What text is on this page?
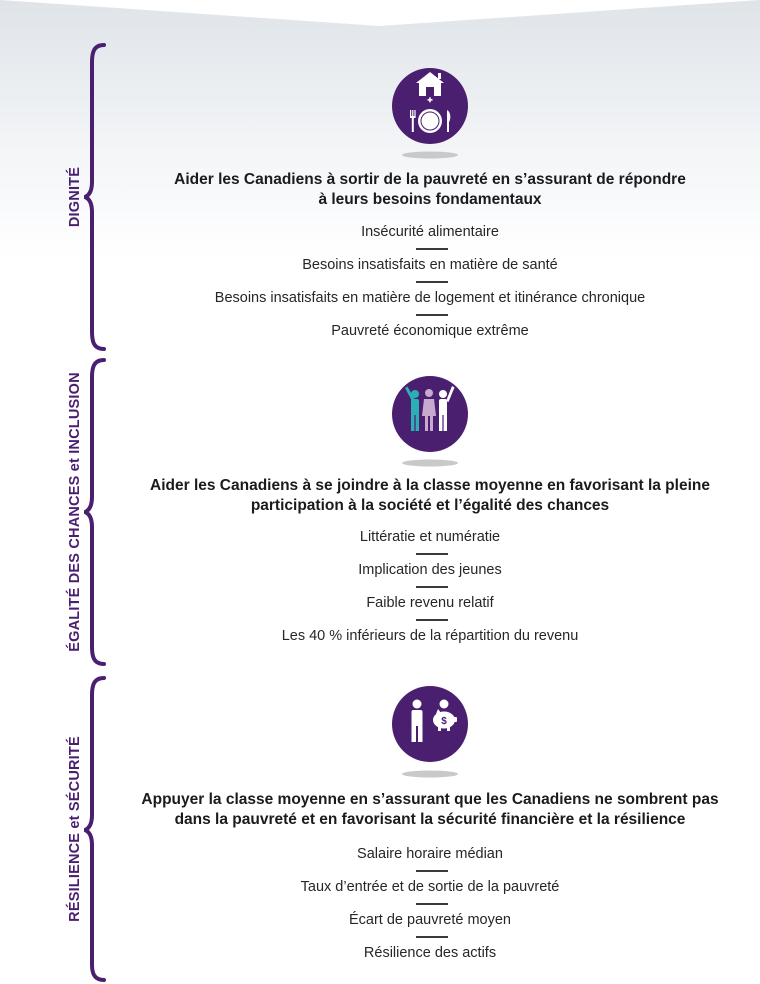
DIGNITÉ	Aider les Canadiens à sortir de la pauvreté en s’assurant de répondre
à leurs besoins fondamentaux
Insécurité alimentaire
Besoins insatisfaits en matière de santé
Besoins insatisfaits en matière de logement et itinérance chronique
Pauvreté économique extrême
ÉGALITÉ DES CHANCES et INCLUSION	Aider les Canadiens à se joindre à la classe moyenne en favorisant la pleine
participation à la société et l’égalité des chances
Littératie et numératie
Implication des jeunes
Faible revenu relatif
Les 40 % inférieurs de la répartition du revenu
RÉSILIENCE et SÉCURITÉ
$
Appuyer la classe moyenne en s’assurant que les Canadiens ne sombrent pas
dans la pauvreté et en favorisant la sécurité financière et la résilience
Salaire horaire médian
Taux d’entrée et de sortie de la pauvreté
Écart de pauvreté moyen
Résilience des actifs
